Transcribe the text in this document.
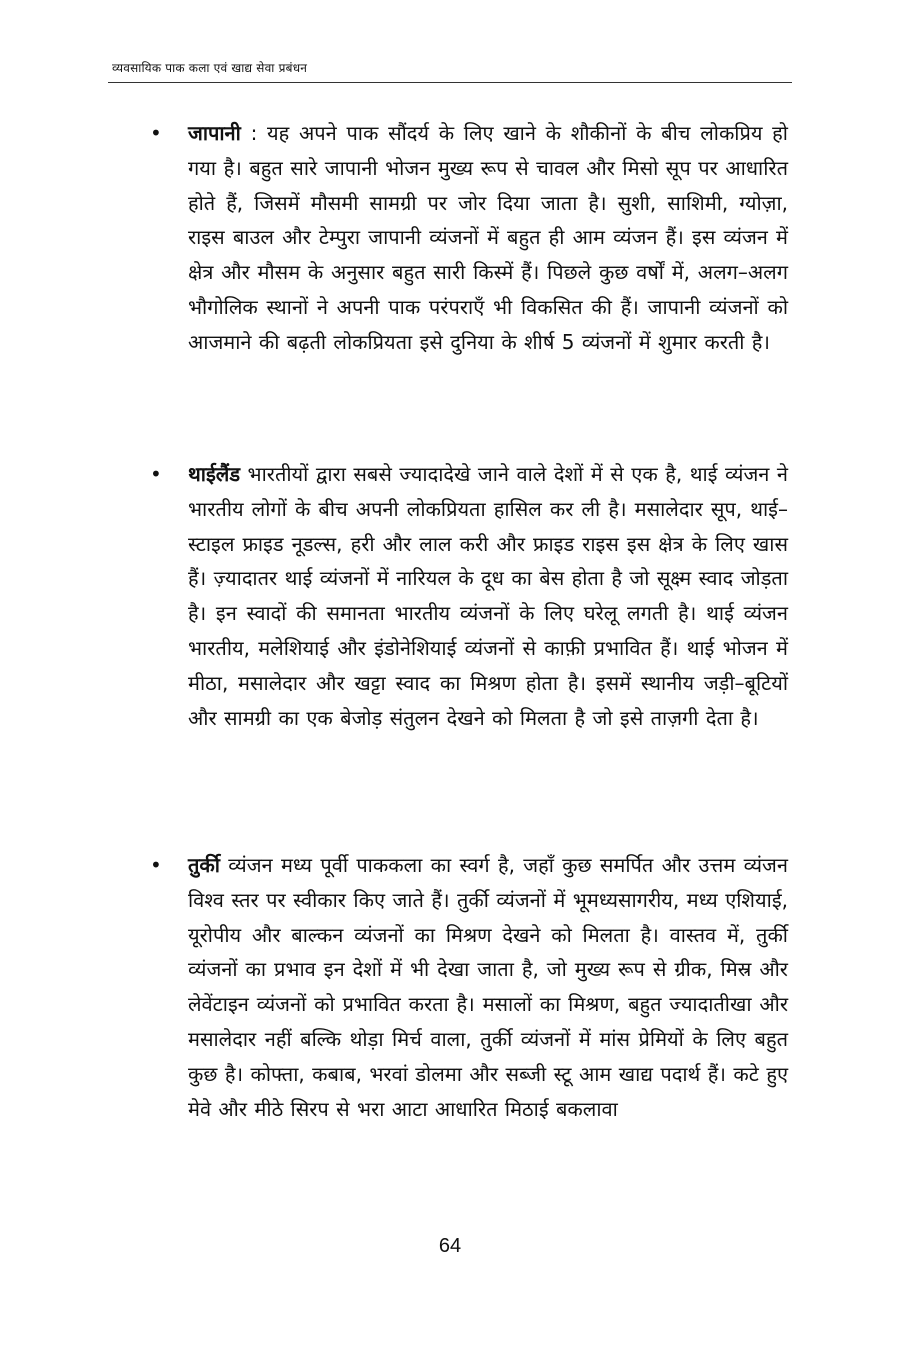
व्यवसायिक पाक कला एवं खाद्य सेवा प्रबंधन
• जापानी : यह अपने पाक सौंदर्य के लिए खाने के शौकीनों के बीच लोकप्रिय हो गया है। बहुत सारे जापानी भोजन मुख्य रूप से चावल और मिसो सूप पर आधारित होते हैं, जिसमें मौसमी सामग्री पर जोर दिया जाता है। सुशी, साशिमी, ग्योज़ा, राइस बाउल और टेम्पुरा जापानी व्यंजनों में बहुत ही आम व्यंजन हैं। इस व्यंजन में क्षेत्र और मौसम के अनुसार बहुत सारी किस्में हैं। पिछले कुछ वर्षों में, अलग–अलग भौगोलिक स्थानों ने अपनी पाक परंपराएँ भी विकसित की हैं। जापानी व्यंजनों को आजमाने की बढ़ती लोकप्रियता इसे दुनिया के शीर्ष 5 व्यंजनों में शुमार करती है।

• थाईलैंड भारतीयों द्वारा सबसे ज्यादादेखे जाने वाले देशों में से एक है, थाई व्यंजन ने भारतीय लोगों के बीच अपनी लोकप्रियता हासिल कर ली है। मसालेदार सूप, थाई–स्टाइल फ्राइड नूडल्स, हरी और लाल करी और फ्राइड राइस इस क्षेत्र के लिए खास हैं। ज़्यादातर थाई व्यंजनों में नारियल के दूध का बेस होता है जो सूक्ष्म स्वाद जोड़ता है। इन स्वादों की समानता भारतीय व्यंजनों के लिए घरेलू लगती है। थाई व्यंजन भारतीय, मलेशियाई और इंडोनेशियाई व्यंजनों से काफ़ी प्रभावित हैं। थाई भोजन में मीठा, मसालेदार और खट्टा स्वाद का मिश्रण होता है। इसमें स्थानीय जड़ी–बूटियों और सामग्री का एक बेजोड़ संतुलन देखने को मिलता है जो इसे ताज़गी देता है।

• तुर्की व्यंजन मध्य पूर्वी पाककला का स्वर्ग है, जहाँ कुछ समर्पित और उत्तम व्यंजन विश्व स्तर पर स्वीकार किए जाते हैं। तुर्की व्यंजनों में भूमध्यसागरीय, मध्य एशियाई, यूरोपीय और बाल्कन व्यंजनों का मिश्रण देखने को मिलता है। वास्तव में, तुर्की व्यंजनों का प्रभाव इन देशों में भी देखा जाता है, जो मुख्य रूप से ग्रीक, मिस्र और लेवेंटाइन व्यंजनों को प्रभावित करता है। मसालों का मिश्रण, बहुत ज्यादातीखा और मसालेदार नहीं बल्कि थोड़ा मिर्च वाला, तुर्की व्यंजनों में मांस प्रेमियों के लिए बहुत कुछ है। कोफ्ता, कबाब, भरवां डोलमा और सब्जी स्टू आम खाद्य पदार्थ हैं। कटे हुए मेवे और मीठे सिरप से भरा आटा आधारित मिठाई बकलावा

64
